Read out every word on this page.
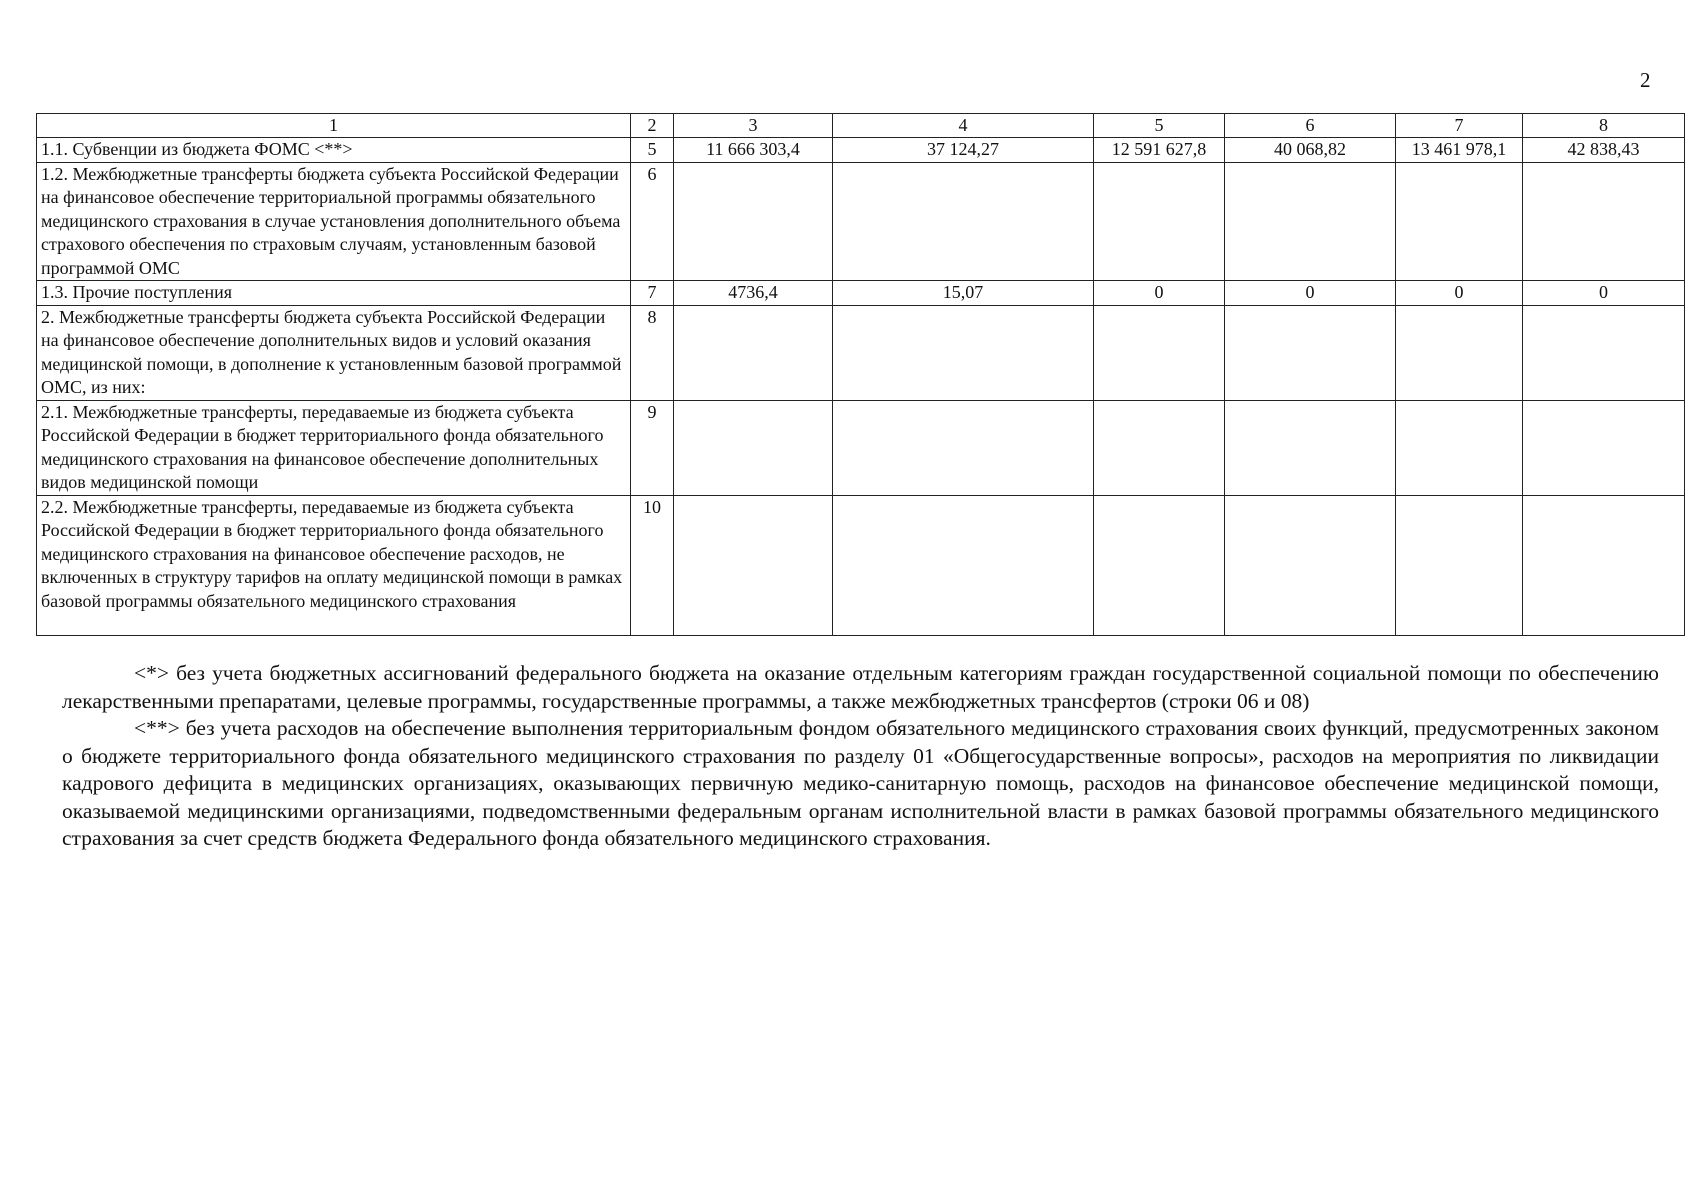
2
1	2	3	4	5	6	7	8
1.1. Субвенции из бюджета ФОМС <**>	5	11 666 303,4	37 124,27	12 591 627,8	40 068,82	13 461 978,1	42 838,43
1.2. Межбюджетные трансферты бюджета субъекта Российской Федерации на финансовое обеспечение территориальной программы обязательного медицинского страхования в случае установления дополнительного объема страхового обеспечения по страховым случаям, установленным базовой программой ОМС	6						
1.3. Прочие поступления	7	4736,4	15,07	0	0	0	0
2. Межбюджетные трансферты бюджета субъекта Российской Федерации на финансовое обеспечение дополнительных видов и условий оказания медицинской помощи, в дополнение к установленным базовой программой ОМС, из них:	8						
2.1. Межбюджетные трансферты, передаваемые из бюджета субъекта Российской Федерации в бюджет территориального фонда обязательного медицинского страхования на финансовое обеспечение дополнительных видов медицинской помощи	9						
2.2. Межбюджетные трансферты, передаваемые из бюджета субъекта Российской Федерации в бюджет территориального фонда обязательного медицинского страхования на финансовое обеспечение расходов, не включенных в структуру тарифов на оплату медицинской помощи в рамках базовой программы обязательного медицинского страхования	10						

<*> без учета бюджетных ассигнований федерального бюджета на оказание отдельным категориям граждан государственной социальной помощи по обеспечению лекарственными препаратами, целевые программы, государственные программы, а также межбюджетных трансфертов (строки 06 и 08)

<**> без учета расходов на обеспечение выполнения территориальным фондом обязательного медицинского страхования своих функций, предусмотренных законом о бюджете территориального фонда обязательного медицинского страхования по разделу 01 «Общегосударственные вопросы», расходов на мероприятия по ликвидации кадрового дефицита в медицинских организациях, оказывающих первичную медико-санитарную помощь, расходов на финансовое обеспечение медицинской помощи, оказываемой медицинскими организациями, подведомственными федеральным органам исполнительной власти в рамках базовой программы обязательного медицинского страхования за счет средств бюджета Федерального фонда обязательного медицинского страхования.
